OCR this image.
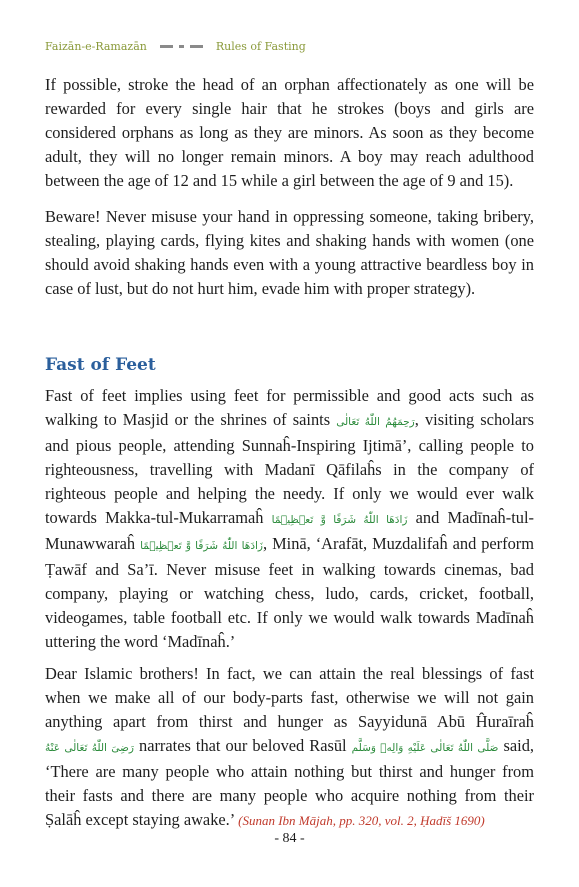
Faizān-e-Ramazān	Rules of Fasting

If possible, stroke the head of an orphan affectionately as one will be rewarded for every single hair that he strokes (boys and girls are considered orphans as long as they are minors. As soon as they become adult, they will no longer remain minors. A boy may reach adulthood between the age of 12 and 15 while a girl between the age of 9 and 15).

Beware! Never misuse your hand in oppressing someone, taking bribery, stealing, playing cards, flying kites and shaking hands with women (one should avoid shaking hands even with a young attractive beardless boy in case of lust, but do not hurt him, evade him with proper strategy).

Fast of Feet

Fast of feet implies using feet for permissible and good acts such as walking to Masjid or the shrines of saints رَحِمَهُمُ اللّٰهُ تَعَالٰی, visiting scholars and pious people, attending Sunnaĥ-Inspiring Ijtimā’, calling people to righteousness, travelling with Madanī Qāfilaĥs in the company of righteous people and helping the needy. If only we would ever walk towards Makka-tul-Mukarramaĥ زَادَهَا اللّٰهُ شَرَفًا وَّ تَعۡظِیۡمًا and Madīnaĥ-tul-Munawwaraĥ زَادَهَا اللّٰهُ شَرَفًا وَّ تَعۡظِیۡمًا, Minā, ‘Arafāt, Muzdalifaĥ and perform Ṭawāf and Sa’ī. Never misuse feet in walking towards cinemas, bad company, playing or watching chess, ludo, cards, cricket, football, videogames, table football etc. If only we would walk towards Madīnaĥ uttering the word ‘Madīnaĥ.’

Dear Islamic brothers! In fact, we can attain the real blessings of fast when we make all of our body-parts fast, otherwise we will not gain anything apart from thirst and hunger as Sayyidunā Abū Ĥuraīraĥ رَضِیَ اللّٰهُ تَعَالٰی عَنْهُ narrates that our beloved Rasūl صَلَّى اللّٰهُ تَعَالٰی عَلَیْهِ وَالِهٖ وَسَلَّم said, ‘There are many people who attain nothing but thirst and hunger from their fasts and there are many people who acquire nothing from their Ṣalāĥ except staying awake.’ (Sunan Ibn Mājah, pp. 320, vol. 2, Ḥadīš 1690)

- 84 -
